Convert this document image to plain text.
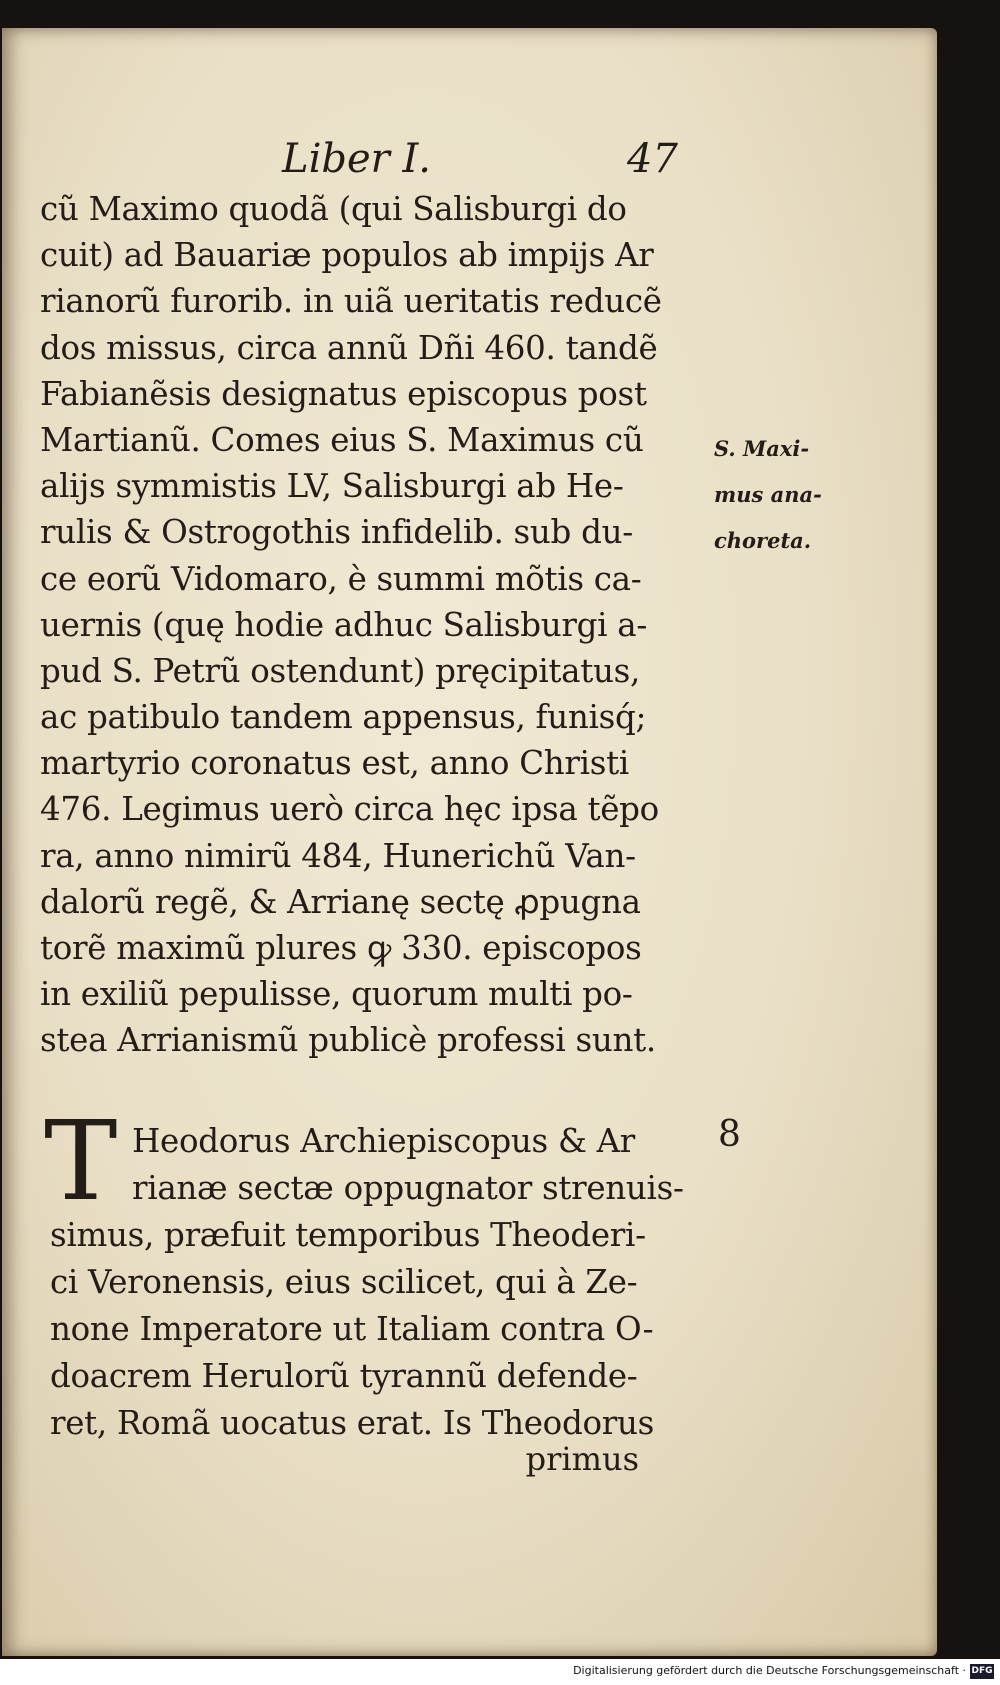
Liber I.	47
cũ Maximo quodã (qui Salisburgi do
cuit) ad Bauariæ populos ab impijs Ar
rianorũ furorib. in uiã ueritatis reducẽ
dos missus, circa annũ Dñi 460. tandẽ
Fabianẽsis designatus episcopus post
Martianũ. Comes eius S. Maximus cũ
alijs symmistis LV, Salisburgi ab He-
rulis & Ostrogothis infidelib. sub du-
ce eorũ Vidomaro, è summi mõtis ca-
uernis (quę hodie adhuc Salisburgi a-
pud S. Petrũ ostendunt) pręcipitatus,
ac patibulo tandem appensus, funisq́;
martyrio coronatus est, anno Christi
476. Legimus uerò circa hęc ipsa tẽpo
ra, anno nimirũ 484, Hunerichũ Van-
dalorũ regẽ, & Arrianę sectę ꝓpugna
torẽ maximũ plures ꝙ 330. episcopos
in exiliũ pepulisse, quorum multi po-
stea Arrianismũ publicè professi sunt.
S. Maxi-
mus ana-
choreta.
T Heodorus Archiepiscopus & Ar
rianæ sectæ oppugnator strenuis-
simus, præfuit temporibus Theoderi-
ci Veronensis, eius scilicet, qui à Ze-
none Imperatore ut Italiam contra O-
doacrem Herulorũ tyrannũ defende-
ret, Romã uocatus erat. Is Theodorus
8
primus
Digitalisierung gefördert durch die Deutsche Forschungsgemeinschaft · DFG
